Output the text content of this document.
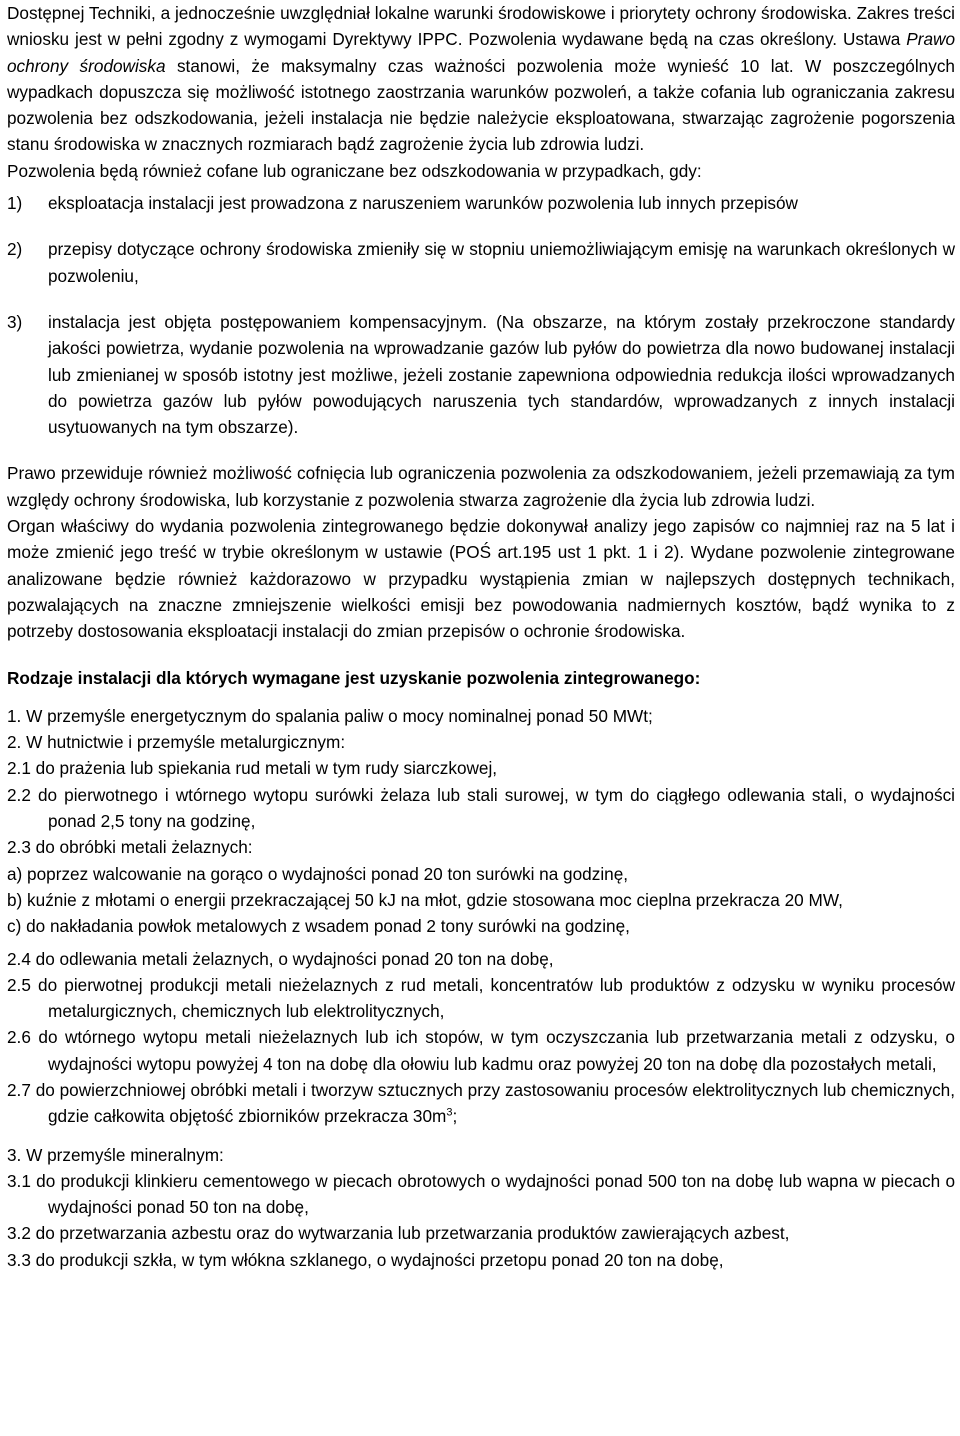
Dostępnej Techniki, a jednocześnie uwzględniał lokalne warunki środowiskowe i priorytety ochrony środowiska. Zakres treści wniosku jest w pełni zgodny z wymogami Dyrektywy IPPC. Pozwolenia wydawane będą na czas określony. Ustawa Prawo ochrony środowiska stanowi, że maksymalny czas ważności pozwolenia może wynieść 10 lat. W poszczególnych wypadkach dopuszcza się możliwość istotnego zaostrzania warunków pozwoleń, a także cofania lub ograniczania zakresu pozwolenia bez odszkodowania, jeżeli instalacja nie będzie należycie eksploatowana, stwarzając zagrożenie pogorszenia stanu środowiska w znacznych rozmiarach bądź zagrożenie życia lub zdrowia ludzi.

Pozwolenia będą również cofane lub ograniczane bez odszkodowania w przypadkach, gdy:

1)	eksploatacja instalacji jest prowadzona z naruszeniem warunków pozwolenia lub innych przepisów
2)	przepisy dotyczące ochrony środowiska zmieniły się w stopniu uniemożliwiającym emisję na warunkach określonych w pozwoleniu,
3)	instalacja jest objęta postępowaniem kompensacyjnym. (Na obszarze, na którym zostały przekroczone standardy jakości powietrza, wydanie pozwolenia na wprowadzanie gazów lub pyłów do powietrza dla nowo budowanej instalacji lub zmienianej w sposób istotny jest możliwe, jeżeli zostanie zapewniona odpowiednia redukcja ilości wprowadzanych do powietrza gazów lub pyłów powodujących naruszenia tych standardów, wprowadzanych z innych instalacji usytuowanych na tym obszarze).

Prawo przewiduje również możliwość cofnięcia lub ograniczenia pozwolenia za odszkodowaniem, jeżeli przemawiają za tym względy ochrony środowiska, lub korzystanie z pozwolenia stwarza zagrożenie dla życia lub zdrowia ludzi.

Organ właściwy do wydania pozwolenia zintegrowanego będzie dokonywał analizy jego zapisów co najmniej raz na 5 lat i może zmienić jego treść w trybie określonym w ustawie (POŚ art.195 ust 1 pkt. 1 i 2). Wydane pozwolenie zintegrowane analizowane będzie również każdorazowo w przypadku wystąpienia zmian w najlepszych dostępnych technikach, pozwalających na znaczne zmniejszenie wielkości emisji bez powodowania nadmiernych kosztów, bądź wynika to z potrzeby dostosowania eksploatacji instalacji do zmian przepisów o ochronie środowiska.

Rodzaje instalacji dla których wymagane jest uzyskanie pozwolenia zintegrowanego:

1. W przemyśle energetycznym do spalania paliw o mocy nominalnej ponad 50 MWt;

2. W hutnictwie i przemyśle metalurgicznym:

2.1 do prażenia lub spiekania rud metali w tym rudy siarczkowej,

2.2 do pierwotnego i wtórnego wytopu surówki żelaza lub stali surowej, w tym do ciągłego odlewania stali, o wydajności ponad 2,5 tony na godzinę,

2.3 do obróbki metali żelaznych:

a) poprzez walcowanie na gorąco o wydajności ponad 20 ton surówki na godzinę,

b) kuźnie z młotami o energii przekraczającej 50 kJ na młot, gdzie stosowana moc cieplna przekracza 20 MW,

c) do nakładania powłok metalowych z wsadem ponad 2 tony surówki na godzinę,

2.4 do odlewania metali żelaznych, o wydajności ponad 20 ton na dobę,

2.5 do pierwotnej produkcji metali nieżelaznych z rud metali, koncentratów lub produktów z odzysku w wyniku procesów metalurgicznych, chemicznych lub elektrolitycznych,

2.6 do wtórnego wytopu metali nieżelaznych lub ich stopów, w tym oczyszczania lub przetwarzania metali z odzysku, o wydajności wytopu powyżej 4 ton na dobę dla ołowiu lub kadmu oraz powyżej 20 ton na dobę dla pozostałych metali,

2.7 do powierzchniowej obróbki metali i tworzyw sztucznych przy zastosowaniu procesów elektrolitycznych lub chemicznych, gdzie całkowita objętość zbiorników przekracza $30m^3$;

3. W przemyśle mineralnym:

3.1 do produkcji klinkieru cementowego w piecach obrotowych o wydajności ponad 500 ton na dobę lub wapna w piecach o wydajności ponad 50 ton na dobę,

3.2 do przetwarzania azbestu oraz do wytwarzania lub przetwarzania produktów zawierających azbest,

3.3 do produkcji szkła, w tym włókna szklanego, o wydajności przetopu ponad 20 ton na dobę,
